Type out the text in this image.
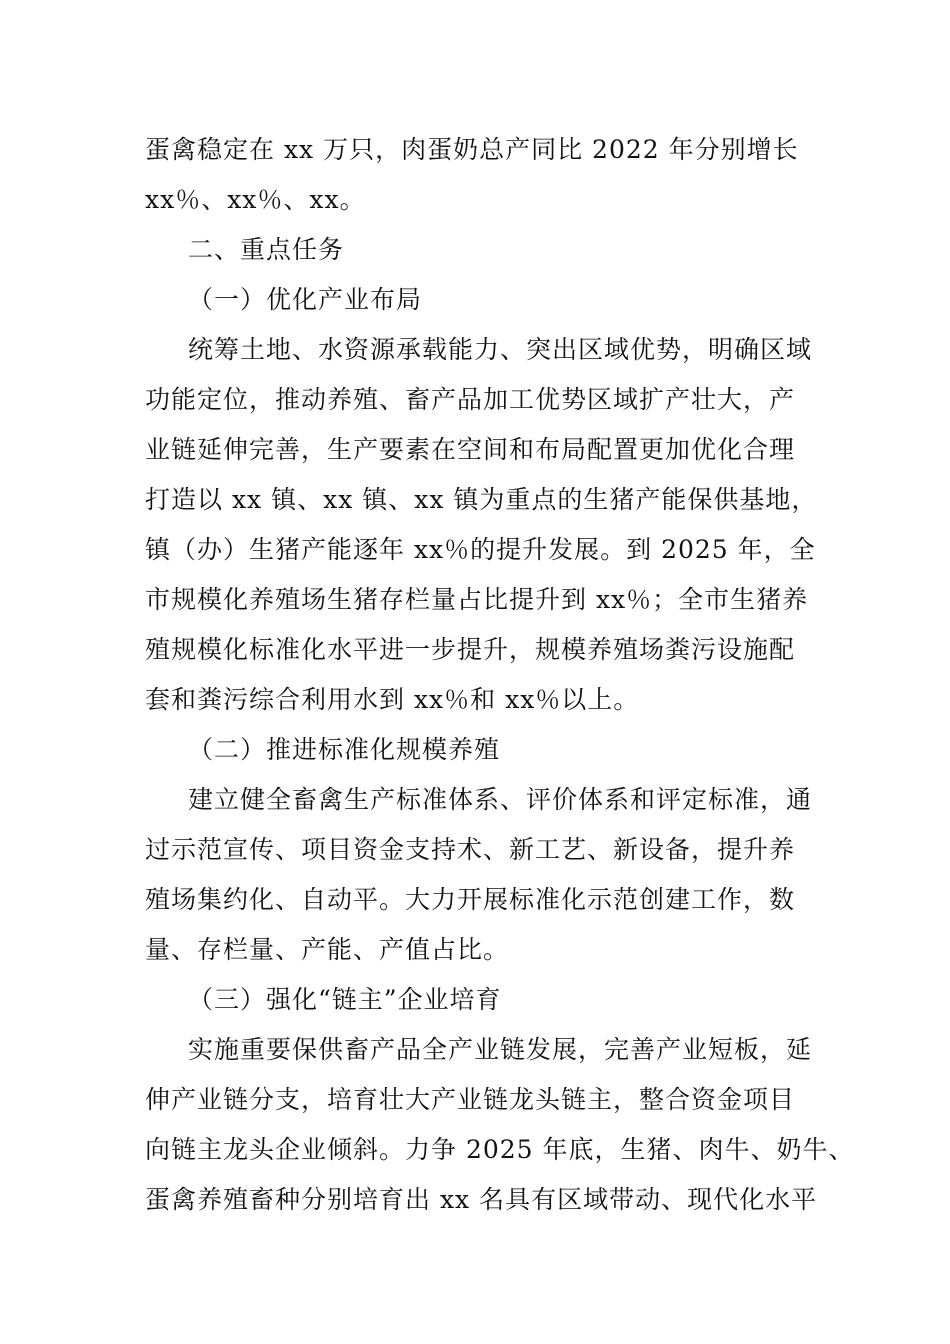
蛋禽稳定在 xx 万只，肉蛋奶总产同比 2022 年分别增长

xx％、xx％、xx。

二、重点任务

（一）优化产业布局

统筹土地、水资源承载能力、突出区域优势，明确区域

功能定位，推动养殖、畜产品加工优势区域扩产壮大，产

业链延伸完善，生产要素在空间和布局配置更加优化合理

打造以 xx 镇、xx 镇、xx 镇为重点的生猪产能保供基地，

镇（办）生猪产能逐年 xx％的提升发展。到 2025 年，全

市规模化养殖场生猪存栏量占比提升到 xx％；全市生猪养

殖规模化标准化水平进一步提升，规模养殖场粪污设施配

套和粪污综合利用水到 xx％和 xx％以上。

（二）推进标准化规模养殖

建立健全畜禽生产标准体系、评价体系和评定标准，通

过示范宣传、项目资金支持术、新工艺、新设备，提升养

殖场集约化、自动平。大力开展标准化示范创建工作，数

量、存栏量、产能、产值占比。

（三）强化“链主”企业培育

实施重要保供畜产品全产业链发展，完善产业短板，延

伸产业链分支，培育壮大产业链龙头链主，整合资金项目

向链主龙头企业倾斜。力争 2025 年底，生猪、肉牛、奶牛、

蛋禽养殖畜种分别培育出 xx 名具有区域带动、现代化水平
